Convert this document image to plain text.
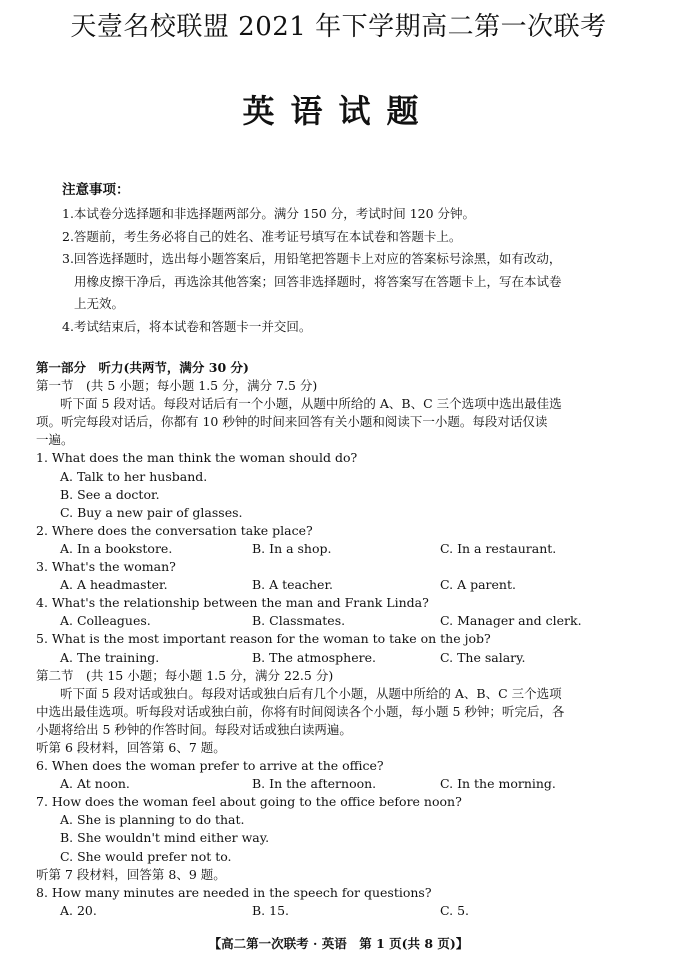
天壹名校联盟 2021 年下学期高二第一次联考
英语试题
注意事项：
1.本试卷分选择题和非选择题两部分。满分 150 分，考试时间 120 分钟。
2.答题前，考生务必将自己的姓名、准考证号填写在本试卷和答题卡上。
3.回答选择题时，选出每小题答案后，用铅笔把答题卡上对应的答案标号涂黑，如有改动，
用橡皮擦干净后，再选涂其他答案；回答非选择题时，将答案写在答题卡上，写在本试卷
上无效。
4.考试结束后，将本试卷和答题卡一并交回。
第一部分　听力(共两节，满分 30 分)
第一节　(共 5 小题；每小题 1.5 分，满分 7.5 分)
听下面 5 段对话。每段对话后有一个小题，从题中所给的 A、B、C 三个选项中选出最佳选
项。听完每段对话后，你都有 10 秒钟的时间来回答有关小题和阅读下一小题。每段对话仅读
一遍。
1. What does the man think the woman should do?
A. Talk to her husband.
B. See a doctor.
C. Buy a new pair of glasses.
2. Where does the conversation take place?
A. In a bookstore.	B. In a shop.	C. In a restaurant.
3. What's the woman?
A. A headmaster.	B. A teacher.	C. A parent.
4. What's the relationship between the man and Frank Linda?
A. Colleagues.	B. Classmates.	C. Manager and clerk.
5. What is the most important reason for the woman to take on the job?
A. The training.	B. The atmosphere.	C. The salary.
第二节　(共 15 小题；每小题 1.5 分，满分 22.5 分)
听下面 5 段对话或独白。每段对话或独白后有几个小题，从题中所给的 A、B、C 三个选项
中选出最佳选项。听每段对话或独白前，你将有时间阅读各个小题，每小题 5 秒钟；听完后，各
小题将给出 5 秒钟的作答时间。每段对话或独白读两遍。
听第 6 段材料，回答第 6、7 题。
6. When does the woman prefer to arrive at the office?
A. At noon.	B. In the afternoon.	C. In the morning.
7. How does the woman feel about going to the office before noon?
A. She is planning to do that.
B. She wouldn't mind either way.
C. She would prefer not to.
听第 7 段材料，回答第 8、9 题。
8. How many minutes are needed in the speech for questions?
A. 20.	B. 15.	C. 5.
【高二第一次联考 · 英语　第 1 页(共 8 页)】
